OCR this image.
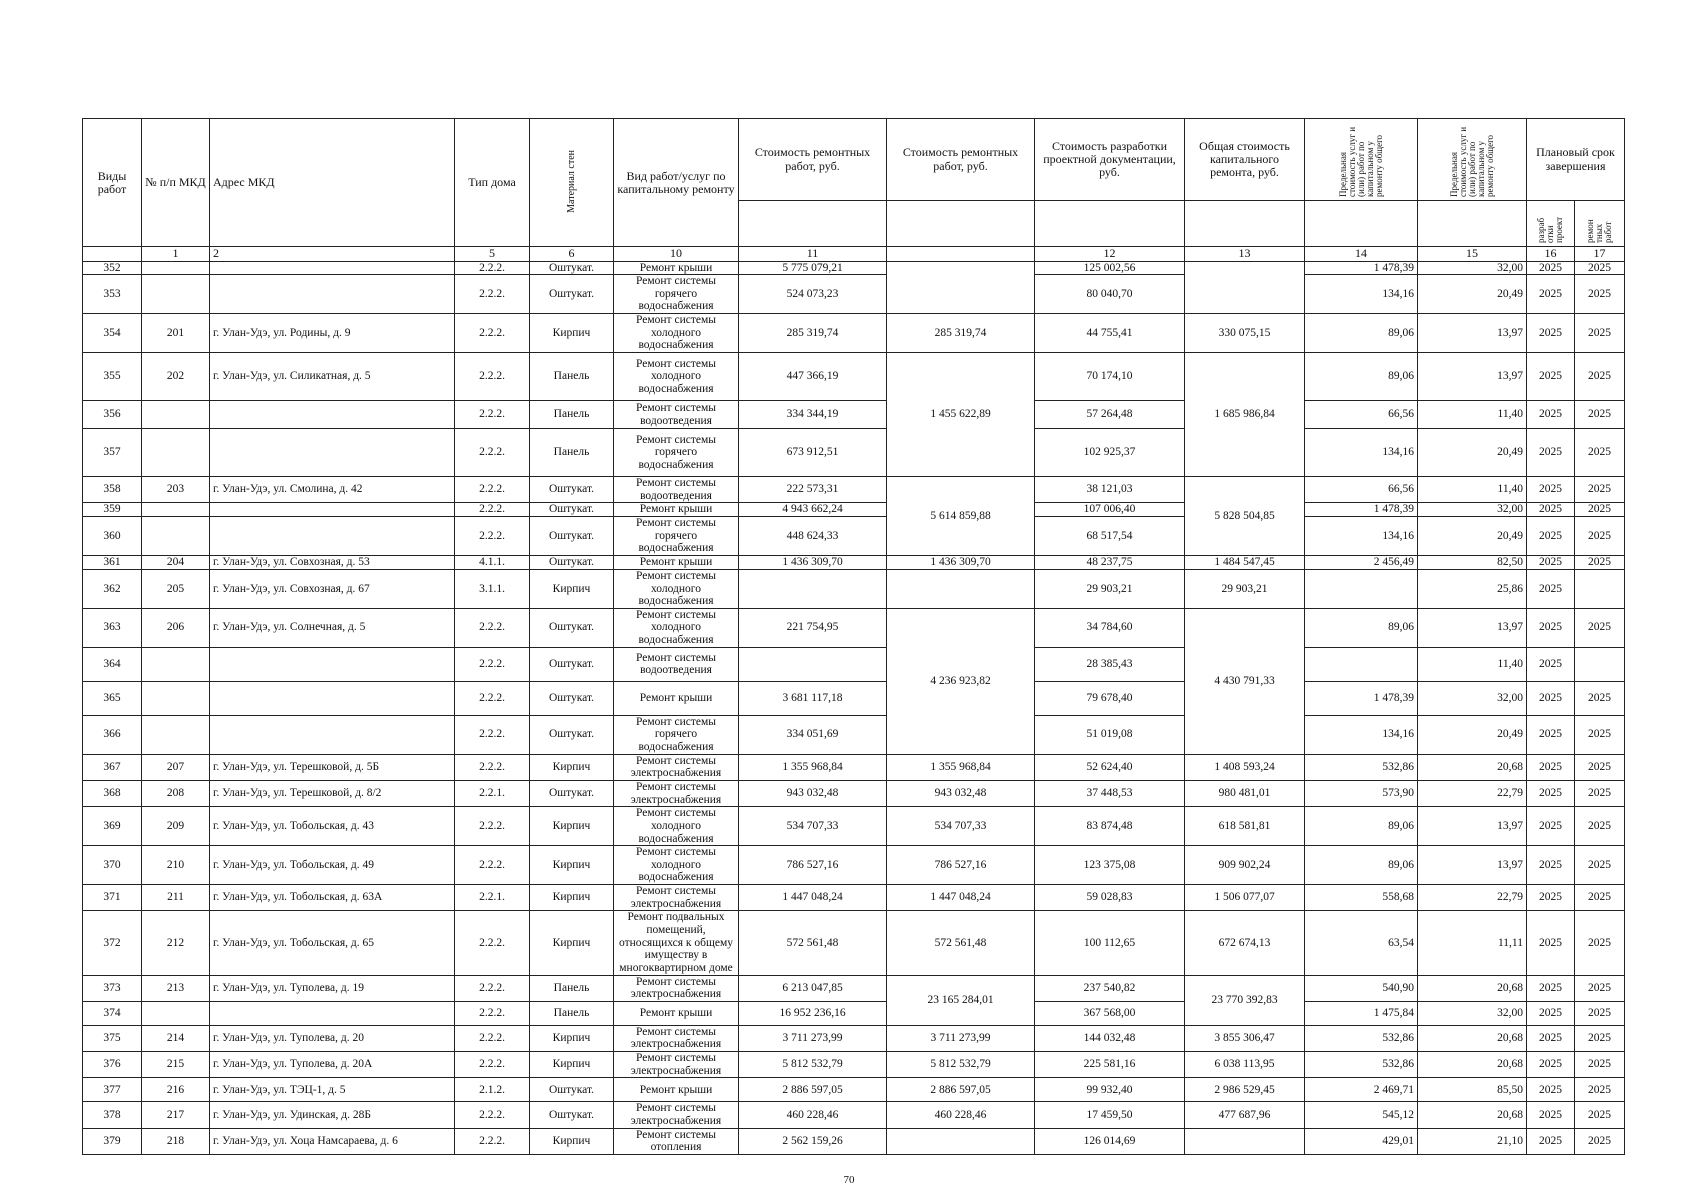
Виды работ	№ п/п МКД	Адрес МКД	Тип дома	Материал стен	Вид работ/услуг по капитальному ремонту	Стоимость ремонтных работ, руб.	Стоимость ремонтных работ, руб.	Стоимость разработки проектной документации, руб.	Общая стоимость капитального ремонта, руб.	Предельная стоимость услуг и (или) работ по капитальном у ремонту общего	Предельная стоимость услуг и (или) работ по капитальном у ремонту общего	Плановый срок завершения	
												разраб отки проект	ремон тных работ
	1	2	5	6	10	11		12	13	14	15	16	17
352			2.2.2.	Оштукат.	Ремонт крыши	5 775 079,21		125 002,56		1 478,39	32,00	2025	2025
353			2.2.2.	Оштукат.	Ремонт системы горячего водоснабжения	524 073,23		80 040,70		134,16	20,49	2025	2025
354	201	г. Улан-Удэ, ул. Родины, д. 9	2.2.2.	Кирпич	Ремонт системы холодного водоснабжения	285 319,74	285 319,74	44 755,41	330 075,15	89,06	13,97	2025	2025
355	202	г. Улан-Удэ, ул. Силикатная, д. 5	2.2.2.	Панель	Ремонт системы холодного водоснабжения	447 366,19	1 455 622,89	70 174,10	1 685 986,84	89,06	13,97	2025	2025
356			2.2.2.	Панель	Ремонт системы водоотведения	334 344,19		57 264,48		66,56	11,40	2025	2025
357			2.2.2.	Панель	Ремонт системы горячего водоснабжения	673 912,51		102 925,37		134,16	20,49	2025	2025
358	203	г. Улан-Удэ, ул. Смолина, д. 42	2.2.2.	Оштукат.	Ремонт системы водоотведения	222 573,31	5 614 859,88	38 121,03	5 828 504,85	66,56	11,40	2025	2025
359			2.2.2.	Оштукат.	Ремонт крыши	4 943 662,24		107 006,40		1 478,39	32,00	2025	2025
360			2.2.2.	Оштукат.	Ремонт системы горячего водоснабжения	448 624,33		68 517,54		134,16	20,49	2025	2025
361	204	г. Улан-Удэ, ул. Совхозная, д. 53	4.1.1.	Оштукат.	Ремонт крыши	1 436 309,70	1 436 309,70	48 237,75	1 484 547,45	2 456,49	82,50	2025	2025
362	205	г. Улан-Удэ, ул. Совхозная, д. 67	3.1.1.	Кирпич	Ремонт системы холодного водоснабжения			29 903,21	29 903,21		25,86	2025	
363	206	г. Улан-Удэ, ул. Солнечная, д. 5	2.2.2.	Оштукат.	Ремонт системы холодного водоснабжения	221 754,95	4 236 923,82	34 784,60	4 430 791,33	89,06	13,97	2025	2025
364			2.2.2.	Оштукат.	Ремонт системы водоотведения			28 385,43			11,40	2025	
365			2.2.2.	Оштукат.	Ремонт крыши	3 681 117,18		79 678,40		1 478,39	32,00	2025	2025
366			2.2.2.	Оштукат.	Ремонт системы горячего водоснабжения	334 051,69		51 019,08		134,16	20,49	2025	2025
367	207	г. Улан-Удэ, ул. Терешковой, д. 5Б	2.2.2.	Кирпич	Ремонт системы электроснабжения	1 355 968,84	1 355 968,84	52 624,40	1 408 593,24	532,86	20,68	2025	2025
368	208	г. Улан-Удэ, ул. Терешковой, д. 8/2	2.2.1.	Оштукат.	Ремонт системы электроснабжения	943 032,48	943 032,48	37 448,53	980 481,01	573,90	22,79	2025	2025
369	209	г. Улан-Удэ, ул. Тобольская, д. 43	2.2.2.	Кирпич	Ремонт системы холодного водоснабжения	534 707,33	534 707,33	83 874,48	618 581,81	89,06	13,97	2025	2025
370	210	г. Улан-Удэ, ул. Тобольская, д. 49	2.2.2.	Кирпич	Ремонт системы холодного водоснабжения	786 527,16	786 527,16	123 375,08	909 902,24	89,06	13,97	2025	2025
371	211	г. Улан-Удэ, ул. Тобольская, д. 63А	2.2.1.	Кирпич	Ремонт системы электроснабжения	1 447 048,24	1 447 048,24	59 028,83	1 506 077,07	558,68	22,79	2025	2025
372	212	г. Улан-Удэ, ул. Тобольская, д. 65	2.2.2.	Кирпич	Ремонт подвальных помещений, относящихся к общему имуществу в многоквартирном доме	572 561,48	572 561,48	100 112,65	672 674,13	63,54	11,11	2025	2025
373	213	г. Улан-Удэ, ул. Туполева, д. 19	2.2.2.	Панель	Ремонт системы электроснабжения	6 213 047,85	23 165 284,01	237 540,82	23 770 392,83	540,90	20,68	2025	2025
374			2.2.2.	Панель	Ремонт крыши	16 952 236,16		367 568,00		1 475,84	32,00	2025	2025
375	214	г. Улан-Удэ, ул. Туполева, д. 20	2.2.2.	Кирпич	Ремонт системы электроснабжения	3 711 273,99	3 711 273,99	144 032,48	3 855 306,47	532,86	20,68	2025	2025
376	215	г. Улан-Удэ, ул. Туполева, д. 20А	2.2.2.	Кирпич	Ремонт системы электроснабжения	5 812 532,79	5 812 532,79	225 581,16	6 038 113,95	532,86	20,68	2025	2025
377	216	г. Улан-Удэ, ул. ТЭЦ-1, д. 5	2.1.2.	Оштукат.	Ремонт крыши	2 886 597,05	2 886 597,05	99 932,40	2 986 529,45	2 469,71	85,50	2025	2025
378	217	г. Улан-Удэ, ул. Удинская, д. 28Б	2.2.2.	Оштукат.	Ремонт системы электроснабжения	460 228,46	460 228,46	17 459,50	477 687,96	545,12	20,68	2025	2025
379	218	г. Улан-Удэ, ул. Хоца Намсараева, д. 6	2.2.2.	Кирпич	Ремонт системы отопления	2 562 159,26		126 014,69		429,01	21,10	2025	2025
70
